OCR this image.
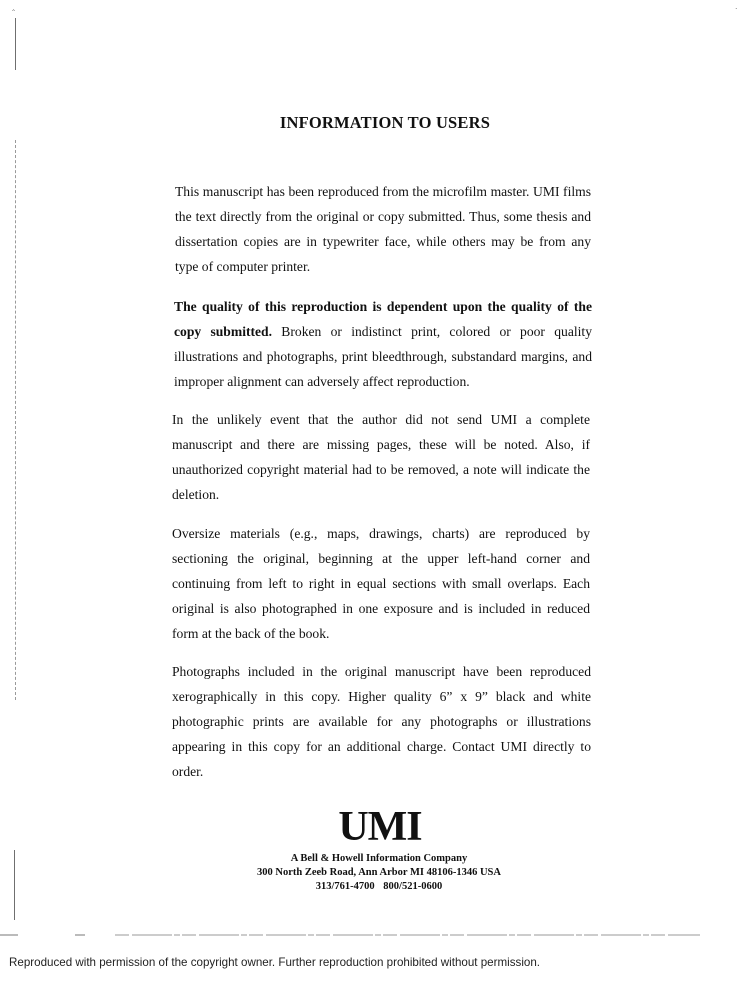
‸
˙
INFORMATION TO USERS

This manuscript has been reproduced from the microfilm master. UMI films the text directly from the original or copy submitted. Thus, some thesis and dissertation copies are in typewriter face, while others may be from any type of computer printer.

The quality of this reproduction is dependent upon the quality of the copy submitted. Broken or indistinct print, colored or poor quality illustrations and photographs, print bleedthrough, substandard margins, and improper alignment can adversely affect reproduction.

In the unlikely event that the author did not send UMI a complete manuscript and there are missing pages, these will be noted. Also, if unauthorized copyright material had to be removed, a note will indicate the deletion.

Oversize materials (e.g., maps, drawings, charts) are reproduced by sectioning the original, beginning at the upper left-hand corner and continuing from left to right in equal sections with small overlaps. Each original is also photographed in one exposure and is included in reduced form at the back of the book.

Photographs included in the original manuscript have been reproduced xerographically in this copy. Higher quality 6” x 9” black and white photographic prints are available for any photographs or illustrations appearing in this copy for an additional charge. Contact UMI directly to order.

UMI
A Bell & Howell Information Company
300 North Zeeb Road, Ann Arbor MI 48106-1346 USA
313/761-4700 800/521-0600
Reproduced with permission of the copyright owner. Further reproduction prohibited without permission.
